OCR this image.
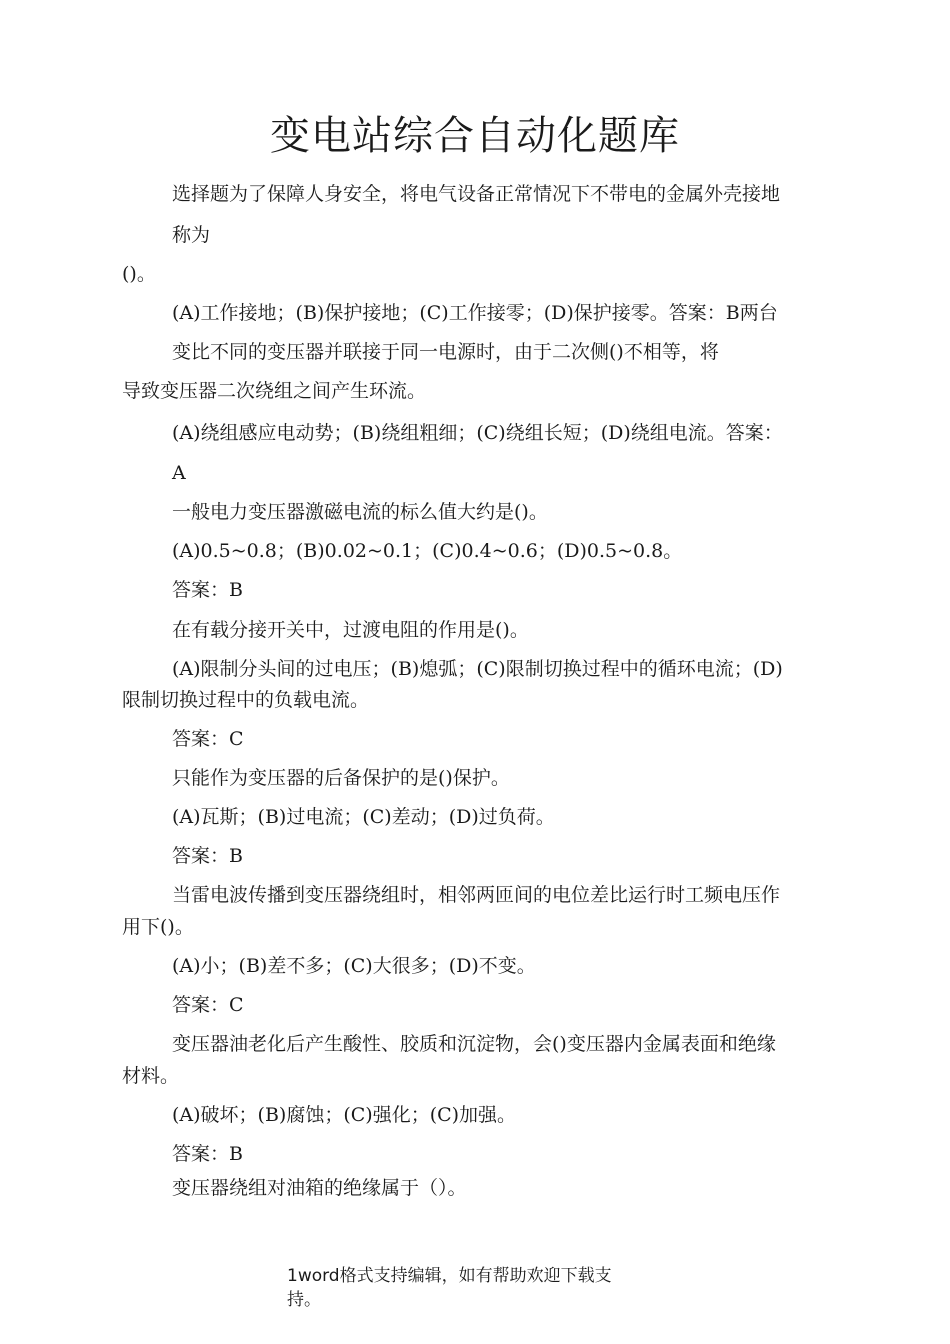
变电站综合自动化题库
选择题为了保障人身安全，将电气设备正常情况下不带电的金属外壳接地
称为
()。
(A)工作接地；(B)保护接地；(C)工作接零；(D)保护接零。答案：B两台
变比不同的变压器并联接于同一电源时，由于二次侧()不相等，将
导致变压器二次绕组之间产生环流。
(A)绕组感应电动势；(B)绕组粗细；(C)绕组长短；(D)绕组电流。答案：
A
一般电力变压器激磁电流的标么值大约是()。
(A)0.5~0.8；(B)0.02~0.1；(C)0.4~0.6；(D)0.5~0.8。
答案：B
在有载分接开关中，过渡电阻的作用是()。
(A)限制分头间的过电压；(B)熄弧；(C)限制切换过程中的循环电流；(D)
限制切换过程中的负载电流。
答案：C
只能作为变压器的后备保护的是()保护。
(A)瓦斯；(B)过电流；(C)差动；(D)过负荷。
答案：B
当雷电波传播到变压器绕组时，相邻两匝间的电位差比运行时工频电压作
用下()。
(A)小；(B)差不多；(C)大很多；(D)不变。
答案：C
变压器油老化后产生酸性、胶质和沉淀物，会()变压器内金属表面和绝缘
材料。
(A)破坏；(B)腐蚀；(C)强化；(C)加强。
答案：B
变压器绕组对油箱的绝缘属于（）。
1word格式支持编辑，如有帮助欢迎下载支
持。
